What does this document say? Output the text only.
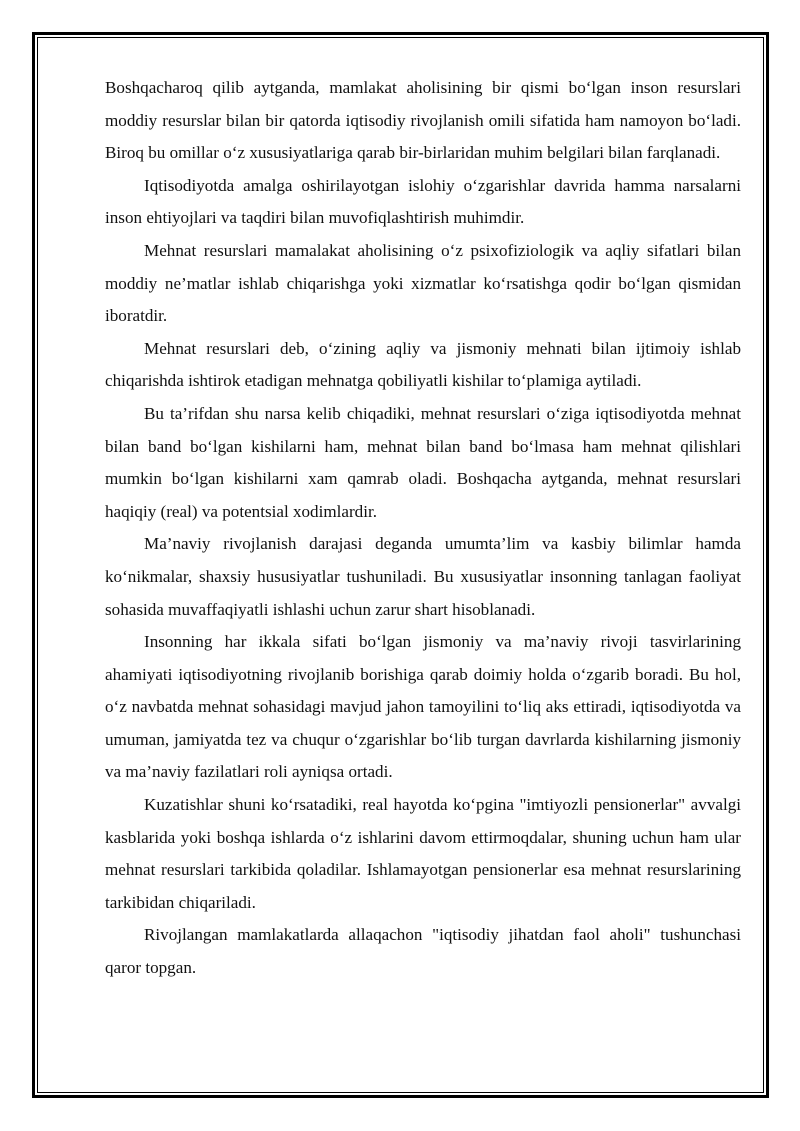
Boshqacharoq qilib aytganda, mamlakat aholisining bir qismi bo‘lgan inson resurslari moddiy resurslar bilan bir qatorda iqtisodiy rivojlanish omili sifatida ham namoyon bo‘ladi. Biroq bu omillar o‘z xususiyatlariga qarab bir-birlaridan muhim belgilari bilan farqlanadi.

Iqtisodiyotda amalga oshirilayotgan islohiy o‘zgarishlar davrida hamma narsalarni inson ehtiyojlari va taqdiri bilan muvofiqlashtirish muhimdir.

Mehnat resurslari mamalakat aholisining o‘z psixofiziologik va aqliy sifatlari bilan moddiy ne’matlar ishlab chiqarishga yoki xizmatlar ko‘rsatishga qodir bo‘lgan qismidan iboratdir.

Mehnat resurslari deb, o‘zining aqliy va jismoniy mehnati bilan ijtimoiy ishlab chiqarishda ishtirok etadigan mehnatga qobiliyatli kishilar to‘plamiga aytiladi.

Bu ta’rifdan shu narsa kelib chiqadiki, mehnat resurslari o‘ziga iqtisodiyotda mehnat bilan band bo‘lgan kishilarni ham, mehnat bilan band bo‘lmasa ham mehnat qilishlari mumkin bo‘lgan kishilarni xam qamrab oladi. Boshqacha aytganda, mehnat resurslari haqiqiy (real) va potentsial xodimlardir.

Ma’naviy rivojlanish darajasi deganda umumta’lim va kasbiy bilimlar hamda ko‘nikmalar, shaxsiy hususiyatlar tushuniladi. Bu xususiyatlar insonning tanlagan faoliyat sohasida muvaffaqiyatli ishlashi uchun zarur shart hisoblanadi.

Insonning har ikkala sifati bo‘lgan jismoniy va ma’naviy rivoji tasvirlarining ahamiyati iqtisodiyotning rivojlanib borishiga qarab doimiy holda o‘zgarib boradi. Bu hol, o‘z navbatda mehnat sohasidagi mavjud jahon tamoyilini to‘liq aks ettiradi, iqtisodiyotda va umuman, jamiyatda tez va chuqur o‘zgarishlar bo‘lib turgan davrlarda kishilarning jismoniy va ma’naviy fazilatlari roli ayniqsa ortadi.

Kuzatishlar shuni ko‘rsatadiki, real hayotda ko‘pgina "imtiyozli pensionerlar" avvalgi kasblarida yoki boshqa ishlarda o‘z ishlarini davom ettirmoqdalar, shuning uchun ham ular mehnat resurslari tarkibida qoladilar. Ishlamayotgan pensionerlar esa mehnat resurslarining tarkibidan chiqariladi.

Rivojlangan mamlakatlarda allaqachon "iqtisodiy jihatdan faol aholi" tushunchasi qaror topgan.
